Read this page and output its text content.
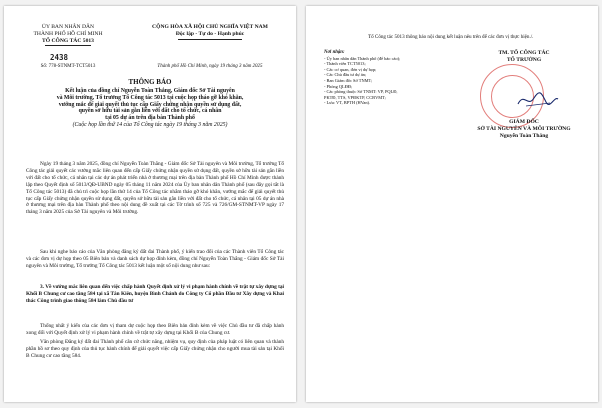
ỦY BAN NHÂN DÂN
THÀNH PHỐ HỒ CHÍ MINH
TỔ CÔNG TÁC 5013
CỘNG HÒA XÃ HỘI CHỦ NGHĨA VIỆT NAM
Độc lập - Tự do - Hạnh phúc
2438
Số: 778-STNMT-TCT5013	Thành phố Hồ Chí Minh, ngày 19 tháng 3 năm 2025
THÔNG BÁO
Kết luận của đồng chí Nguyễn Toàn Thắng, Giám đốc Sở Tài nguyên
và Môi trường, Tổ trưởng Tổ Công tác 5013 tại cuộc họp tháo gỡ khó khăn,
vướng mắc để giải quyết thủ tục cấp Giấy chứng nhận quyền sử dụng đất,
quyền sở hữu tài sản gắn liền với đất cho tổ chức, cá nhân
tại 05 dự án trên địa bàn Thành phố
(Cuộc họp lần thứ 14 của Tổ Công tác ngày 19 tháng 3 năm 2025)

Ngày 19 tháng 3 năm 2025, đồng chí Nguyễn Toàn Thắng - Giám đốc Sở Tài nguyên và Môi trường, Tổ trưởng Tổ Công tác giải quyết các vướng mắc liên quan đến cấp Giấy chứng nhận quyền sử dụng đất, quyền sở hữu tài sản gắn liền với đất cho tổ chức, cá nhân tại các dự án phát triển nhà ở thương mại trên địa bàn Thành phố Hồ Chí Minh được thành lập theo Quyết định số 5013/QĐ-UBND ngày 05 tháng 11 năm 2024 của Ủy ban nhân dân Thành phố (sau đây gọi tắt là Tổ Công tác 5013) đã chủ trì cuộc họp lần thứ 14 của Tổ Công tác nhằm tháo gỡ khó khăn, vướng mắc để giải quyết thủ tục cấp Giấy chứng nhận quyền sử dụng đất, quyền sở hữu tài sản gắn liền với đất cho tổ chức, cá nhân tại 05 dự án nhà ở thương mại trên địa bàn Thành phố theo nội dung đề xuất tại các Tờ trình số 725 và 726/GM-STNMT-VP ngày 17 tháng 3 năm 2025 của Sở Tài nguyên và Môi trường.

Sau khi nghe báo cáo của Văn phòng đăng ký đất đai Thành phố, ý kiến trao đổi của các Thành viên Tổ Công tác và các đơn vị dự họp theo 05 Biên bản và danh sách dự họp đính kèm, đồng chí Nguyễn Toàn Thắng - Giám đốc Sở Tài nguyên và Môi trường, Tổ trưởng Tổ Công tác 5013 kết luận một số nội dung như sau:

3. Về vướng mắc liên quan đến việc chấp hành Quyết định xử lý vi phạm hành chính về trật tự xây dựng tại Khối B Chung cư cao tầng 584 tại xã Tân Kiên, huyện Bình Chánh do Công ty Cổ phần Đầu tư Xây dựng và Khai thác Công trình giao thông 584 làm Chủ đầu tư

Thống nhất ý kiến của các đơn vị tham dự cuộc họp theo Biên bản đính kèm về việc Chủ đầu tư đã chấp hành xong đối với Quyết định xử lý vi phạm hành chính về trật tự xây dựng tại Khối B của Chung cư.

Văn phòng Đăng ký đất đai Thành phố căn cứ chức năng, nhiệm vụ, quy định của pháp luật có liên quan và thành phần hồ sơ theo quy định của thủ tục hành chính để giải quyết việc cấp Giấy chứng nhận cho người mua tài sản tại Khối B Chung cư cao tầng 584.

Tổ Công tác 5013 thông báo nội dung kết luận nêu trên để các đơn vị thực hiện./.
Nơi nhận:
- Ủy ban nhân dân Thành phố (để báo cáo);
- Thành viên TCT5013;
- Các cơ quan, đơn vị dự họp;
- Các Chủ đầu tư dự án;
- Ban Giám đốc Sở TNMT;
- Phòng QLĐĐ;
- Các phòng thuộc Sở TNMT: VP, PQLĐ,
PKTĐ, TTS, VPĐKTP, CCBVMT;
- Lưu: VT, BPTH (HVan).
TM. TỔ CÔNG TÁC
TỔ TRƯỞNG
GIÁM ĐỐC
SỞ TÀI NGUYÊN VÀ MÔI TRƯỜNG
Nguyễn Toàn Thắng
